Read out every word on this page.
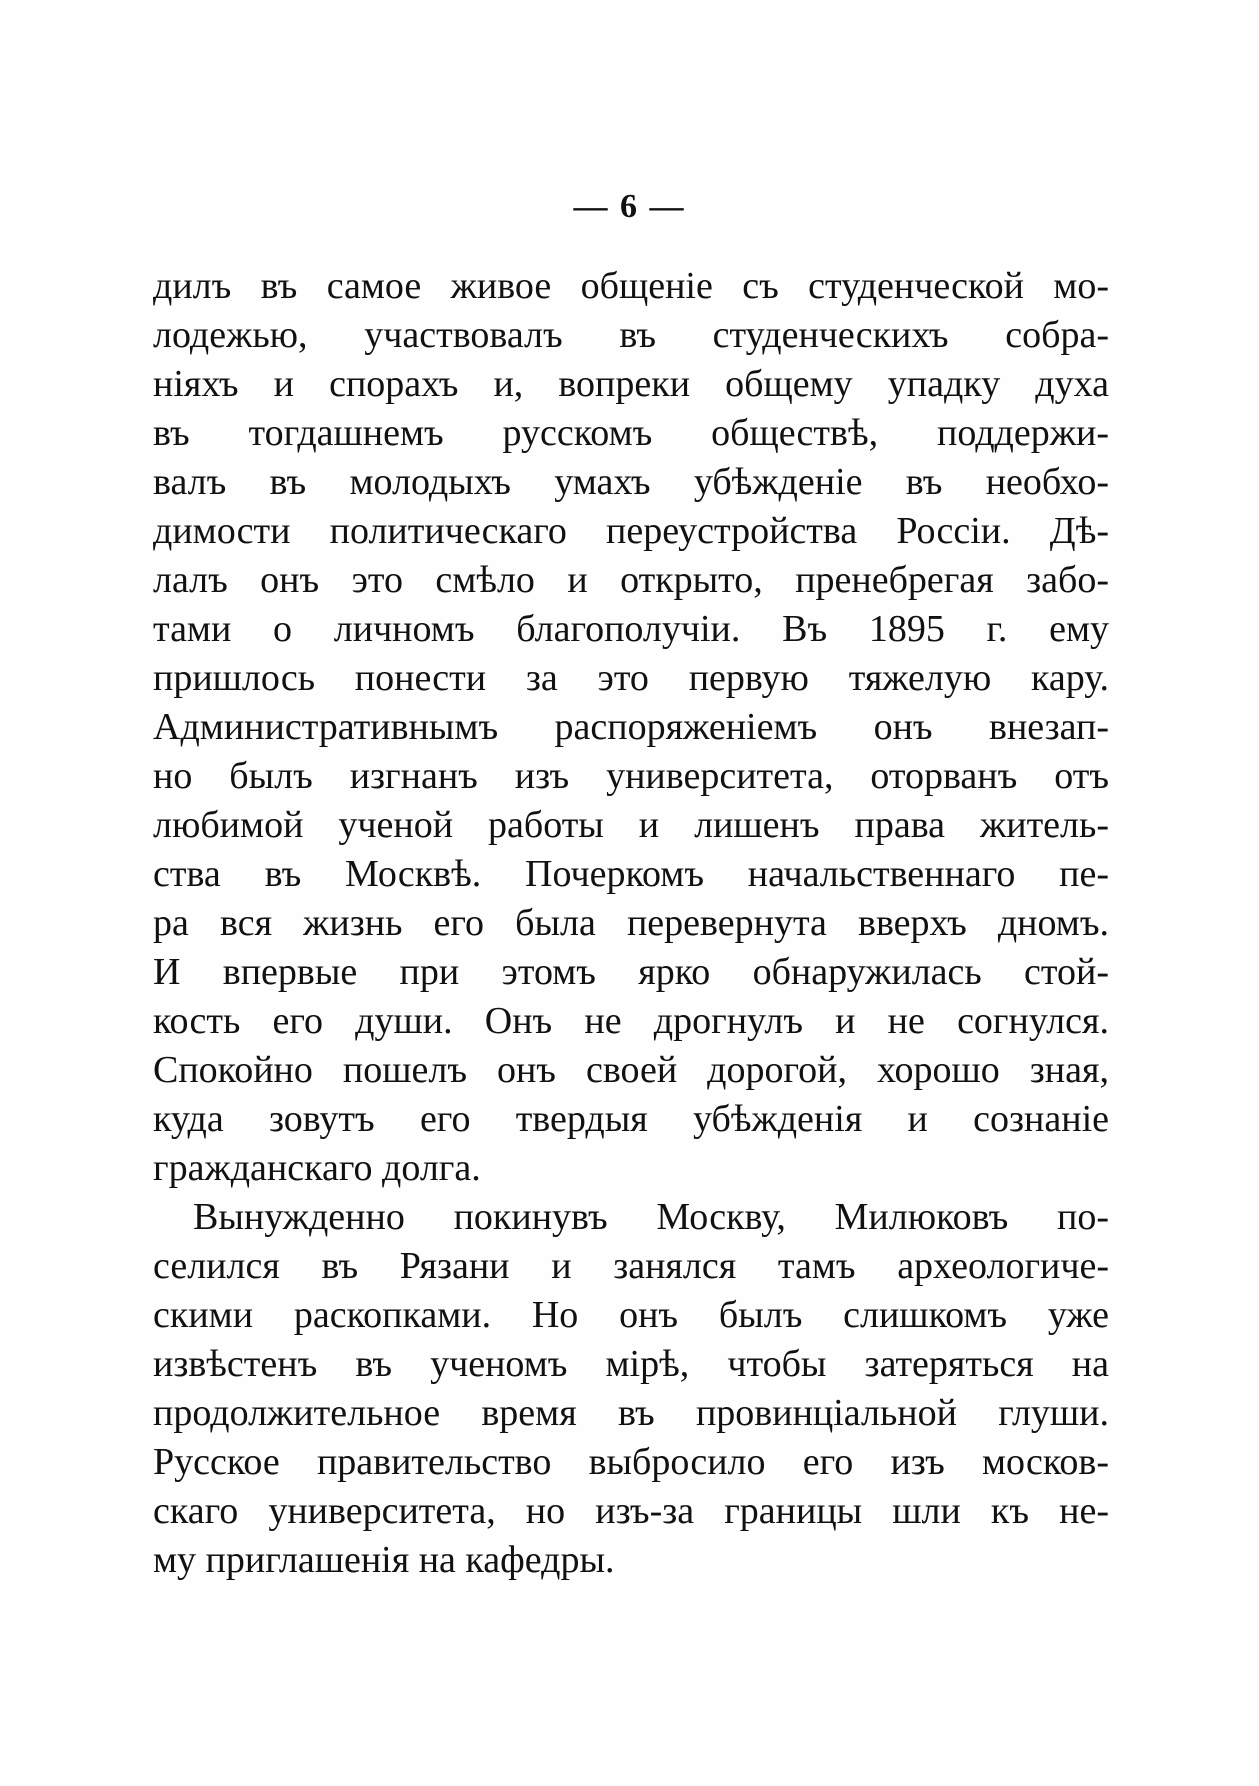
— 6 —
дилъ въ самое живое общеніе съ студенческой мо-
лодежью, участвовалъ въ студенческихъ собра-
ніяхъ и спорахъ и, вопреки общему упадку духа
въ тогдашнемъ русскомъ обществѣ, поддержи-
валъ въ молодыхъ умахъ убѣжденіе въ необхо-
димости политическаго переустройства Россіи. Дѣ-
лалъ онъ это смѣло и открыто, пренебрегая забо-
тами о личномъ благополучіи. Въ 1895 г. ему
пришлось понести за это первую тяжелую кару.
Административнымъ распоряженіемъ онъ внезап-
но былъ изгнанъ изъ университета, оторванъ отъ
любимой ученой работы и лишенъ права житель-
ства въ Москвѣ. Почеркомъ начальственнаго пе-
ра вся жизнь его была перевернута вверхъ дномъ.
И впервые при этомъ ярко обнаружилась стой-
кость его души. Онъ не дрогнулъ и не согнулся.
Спокойно пошелъ онъ своей дорогой, хорошо зная,
куда зовутъ его твердыя убѣжденія и сознаніе
гражданскаго долга.
Вынужденно покинувъ Москву, Милюковъ по-
селился въ Рязани и занялся тамъ археологиче-
скими раскопками. Но онъ былъ слишкомъ уже
извѣстенъ въ ученомъ мірѣ, чтобы затеряться на
продолжительное время въ провинціальной глуши.
Русское правительство выбросило его изъ москов-
скаго университета, но изъ-за границы шли къ не-
му приглашенія на кафедры.
